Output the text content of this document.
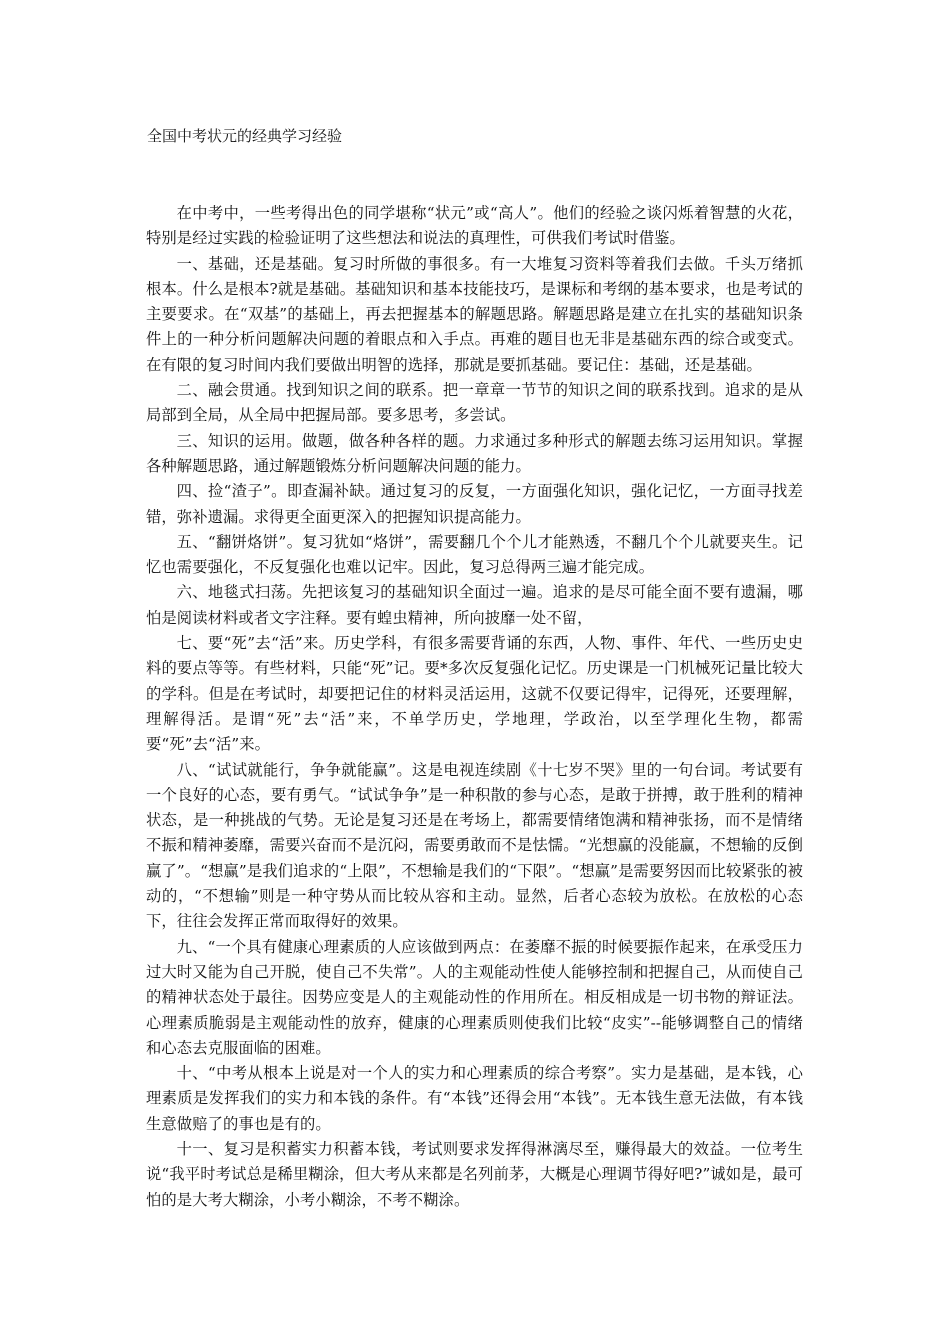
全国中考状元的经典学习经验

在中考中，一些考得出色的同学堪称“状元”或“高人”。他们的经验之谈闪烁着智慧的火花，特别是经过实践的检验证明了这些想法和说法的真理性，可供我们考试时借鉴。

一、基础，还是基础。复习时所做的事很多。有一大堆复习资料等着我们去做。千头万绪抓根本。什么是根本?就是基础。基础知识和基本技能技巧，是课标和考纲的基本要求，也是考试的主要要求。在“双基”的基础上，再去把握基本的解题思路。解题思路是建立在扎实的基础知识条件上的一种分析问题解决问题的着眼点和入手点。再难的题目也无非是基础东西的综合或变式。在有限的复习时间内我们要做出明智的选择，那就是要抓基础。要记住：基础，还是基础。

二、融会贯通。找到知识之间的联系。把一章章一节节的知识之间的联系找到。追求的是从局部到全局，从全局中把握局部。要多思考，多尝试。

三、知识的运用。做题，做各种各样的题。力求通过多种形式的解题去练习运用知识。掌握各种解题思路，通过解题锻炼分析问题解决问题的能力。

四、捡“渣子”。即查漏补缺。通过复习的反复，一方面强化知识，强化记忆，一方面寻找差错，弥补遗漏。求得更全面更深入的把握知识提高能力。

五、“翻饼烙饼”。复习犹如“烙饼”，需要翻几个个儿才能熟透，不翻几个个儿就要夹生。记忆也需要强化，不反复强化也难以记牢。因此，复习总得两三遍才能完成。

六、地毯式扫荡。先把该复习的基础知识全面过一遍。追求的是尽可能全面不要有遗漏，哪怕是阅读材料或者文字注释。要有蝗虫精神，所向披靡一处不留，

七、要“死”去“活”来。历史学科，有很多需要背诵的东西，人物、事件、年代、一些历史史料的要点等等。有些材料，只能“死”记。要*多次反复强化记忆。历史课是一门机械死记量比较大的学科。但是在考试时，却要把记住的材料灵活运用，这就不仅要记得牢，记得死，还要理解，理解得活。是谓“死”去“活”来，不单学历史，学地理，学政治，以至学理化生物，都需要“死”去“活”来。

八、“试试就能行，争争就能赢”。这是电视连续剧《十七岁不哭》里的一句台词。考试要有一个良好的心态，要有勇气。“试试争争”是一种积散的参与心态，是敢于拼搏，敢于胜利的精神状态，是一种挑战的气势。无论是复习还是在考场上，都需要情绪饱满和精神张扬，而不是情绪不振和精神萎靡，需要兴奋而不是沉闷，需要勇敢而不是怯懦。“光想赢的没能赢，不想输的反倒赢了”。“想赢”是我们追求的“上限”，不想输是我们的“下限”。“想赢”是需要努因而比较紧张的被动的，“不想输”则是一种守势从而比较从容和主动。显然，后者心态较为放松。在放松的心态下，往往会发挥正常而取得好的效果。

九、“一个具有健康心理素质的人应该做到两点：在萎靡不振的时候要振作起来，在承受压力过大时又能为自己开脱，使自己不失常”。人的主观能动性使人能够控制和把握自己，从而使自己的精神状态处于最往。因势应变是人的主观能动性的作用所在。相反相成是一切书物的辩证法。心理素质脆弱是主观能动性的放弃，健康的心理素质则使我们比较“皮实”--能够调整自己的情绪和心态去克服面临的困难。

十、“中考从根本上说是对一个人的实力和心理素质的综合考察”。实力是基础，是本钱，心理素质是发挥我们的实力和本钱的条件。有“本钱”还得会用“本钱”。无本钱生意无法做，有本钱生意做赔了的事也是有的。

十一、复习是积蓄实力积蓄本钱，考试则要求发挥得淋漓尽至，赚得最大的效益。一位考生说“我平时考试总是稀里糊涂，但大考从来都是名列前茅，大概是心理调节得好吧?”诚如是，最可怕的是大考大糊涂，小考小糊涂，不考不糊涂。
